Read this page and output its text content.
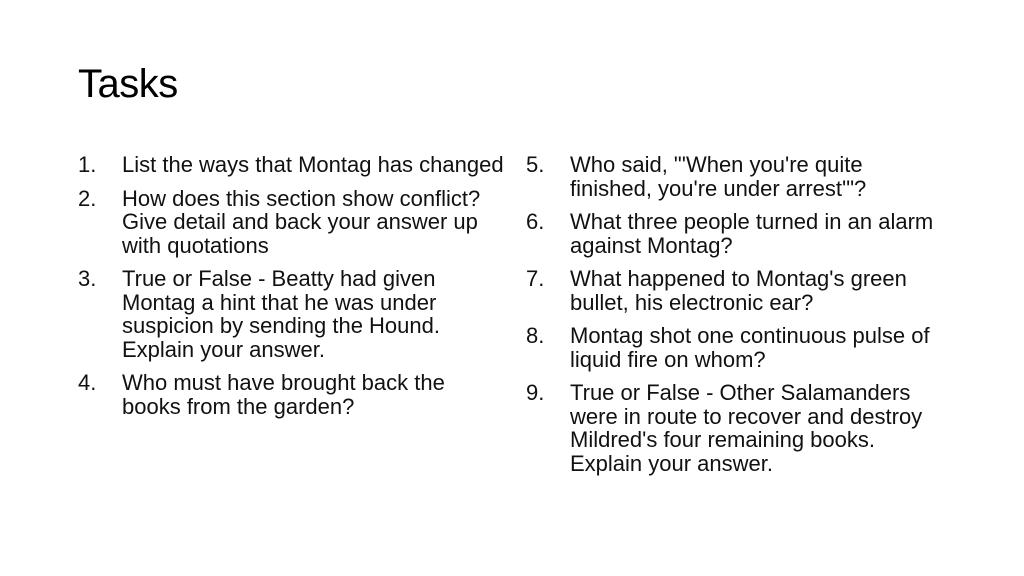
Tasks
1.	List the ways that Montag has changed
2.	How does this section show conflict? Give detail and back your answer up with quotations
3.	True or False - Beatty had given Montag a hint that he was under suspicion by sending the Hound. Explain your answer.
4.	Who must have brought back the books from the garden?
5.	Who said, "'When you're quite finished, you're under arrest'"?
6.	What three people turned in an alarm against Montag?
7.	What happened to Montag's green bullet, his electronic ear?
8.	Montag shot one continuous pulse of liquid fire on whom?
9.	True or False - Other Salamanders were in route to recover and destroy Mildred's four remaining books. Explain your answer.
